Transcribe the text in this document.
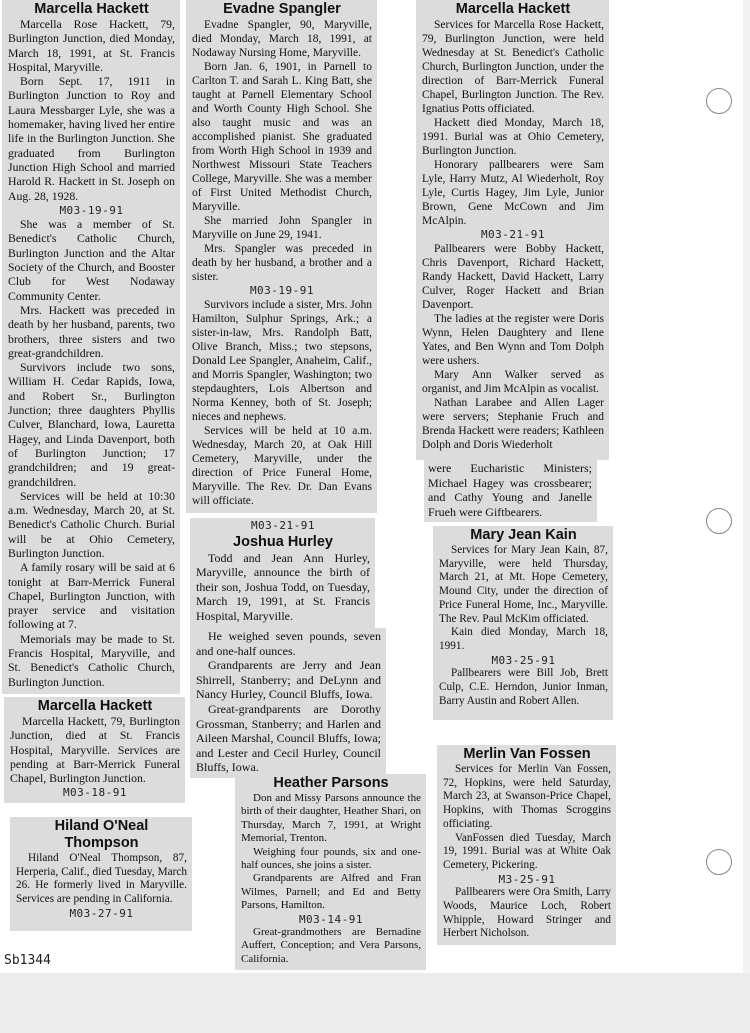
Marcella Hackett

Marcella Rose Hackett, 79, Burlington Junction, died Monday, March 18, 1991, at St. Francis Hospital, Maryville.

Born Sept. 17, 1911 in Burlington Junction to Roy and Laura Messbarger Lyle, she was a homemaker, having lived her entire life in the Burlington Junction. She graduated from Burlington Junction High School and married Harold R. Hackett in St. Joseph on Aug. 28, 1928.

M03-19-91

She was a member of St. Benedict's Catholic Church, Burlington Junction and the Altar Society of the Church, and Booster Club for West Nodaway Community Center.

Mrs. Hackett was preceded in death by her husband, parents, two brothers, three sisters and two great-grandchildren.

Survivors include two sons, William H. Cedar Rapids, Iowa, and Robert Sr., Burlington Junction; three daughters Phyllis Culver, Blanchard, Iowa, Lauretta Hagey, and Linda Davenport, both of Burlington Junction; 17 grandchildren; and 19 great-grandchildren.

Services will be held at 10:30 a.m. Wednesday, March 20, at St. Benedict's Catholic Church. Burial will be at Ohio Cemetery, Burlington Junction.

A family rosary will be said at 6 tonight at Barr-Merrick Funeral Chapel, Burlington Junction, with prayer service and visitation following at 7.

Memorials may be made to St. Francis Hospital, Maryville, and St. Benedict's Catholic Church, Burlington Junction.

Evadne Spangler

Evadne Spangler, 90, Maryville, died Monday, March 18, 1991, at Nodaway Nursing Home, Maryville.

Born Jan. 6, 1901, in Parnell to Carlton T. and Sarah L. King Batt, she taught at Parnell Elementary School and Worth County High School. She also taught music and was an accomplished pianist. She graduated from Worth High School in 1939 and Northwest Missouri State Teachers College, Maryville. She was a member of First United Methodist Church, Maryville.

She married John Spangler in Maryville on June 29, 1941.

Mrs. Spangler was preceded in death by her husband, a brother and a sister.

M03-19-91

Survivors include a sister, Mrs. John Hamilton, Sulphur Springs, Ark.; a sister-in-law, Mrs. Randolph Batt, Olive Branch, Miss.; two stepsons, Donald Lee Spangler, Anaheim, Calif., and Morris Spangler, Washington; two stepdaughters, Lois Albertson and Norma Kenney, both of St. Joseph; nieces and nephews.

Services will be held at 10 a.m. Wednesday, March 20, at Oak Hill Cemetery, Maryville, under the direction of Price Funeral Home, Maryville. The Rev. Dr. Dan Evans will officiate.

Marcella Hackett

Services for Marcella Rose Hackett, 79, Burlington Junction, were held Wednesday at St. Benedict's Catholic Church, Burlington Junction, under the direction of Barr-Merrick Funeral Chapel, Burlington Junction. The Rev. Ignatius Potts officiated.

Hackett died Monday, March 18, 1991. Burial was at Ohio Cemetery, Burlington Junction.

Honorary pallbearers were Sam Lyle, Harry Mutz, Al Wiederholt, Roy Lyle, Curtis Hagey, Jim Lyle, Junior Brown, Gene McCown and Jim McAlpin.

M03-21-91

Pallbearers were Bobby Hackett, Chris Davenport, Richard Hackett, Randy Hackett, David Hackett, Larry Culver, Roger Hackett and Brian Davenport.

The ladies at the register were Doris Wynn, Helen Daughtery and Ilene Yates, and Ben Wynn and Tom Dolph were ushers.

Mary Ann Walker served as organist, and Jim McAlpin as vocalist.

Nathan Larabee and Allen Lager were servers; Stephanie Fruch and Brenda Hackett were readers; Kathleen Dolph and Doris Wiederholt

were Eucharistic Ministers; Michael Hagey was crossbearer; and Cathy Young and Janelle Frueh were Giftbearers.

M03-21-91
Joshua Hurley

Todd and Jean Ann Hurley, Maryville, announce the birth of their son, Joshua Todd, on Tuesday, March 19, 1991, at St. Francis Hospital, Maryville.

He weighed seven pounds, seven and one-half ounces.

Grandparents are Jerry and Jean Shirrell, Stanberry; and DeLynn and Nancy Hurley, Council Bluffs, Iowa.

Great-grandparents are Dorothy Grossman, Stanberry; and Harlen and Aileen Marshal, Council Bluffs, Iowa; and Lester and Cecil Hurley, Council Bluffs, Iowa.

Mary Jean Kain

Services for Mary Jean Kain, 87, Maryville, were held Thursday, March 21, at Mt. Hope Cemetery, Mound City, under the direction of Price Funeral Home, Inc., Maryville. The Rev. Paul McKim officiated.

Kain died Monday, March 18, 1991.

M03-25-91

Pallbearers were Bill Job, Brett Culp, C.E. Herndon, Junior Inman, Barry Austin and Robert Allen.

Marcella Hackett

Marcella Hackett, 79, Burlington Junction, died at St. Francis Hospital, Maryville. Services are pending at Barr-Merrick Funeral Chapel, Burlington Junction.

M03-18-91
Merlin Van Fossen

Services for Merlin Van Fossen, 72, Hopkins, were held Saturday, March 23, at Swanson-Price Chapel, Hopkins, with Thomas Scroggins officiating.

VanFossen died Tuesday, March 19, 1991. Burial was at White Oak Cemetery, Pickering.

M3-25-91

Pallbearers were Ora Smith, Larry Woods, Maurice Loch, Robert Whipple, Howard Stringer and Herbert Nicholson.

Heather Parsons

Don and Missy Parsons announce the birth of their daughter, Heather Shari, on Thursday, March 7, 1991, at Wright Memorial, Trenton.

Weighing four pounds, six and one-half ounces, she joins a sister.

Grandparents are Alfred and Fran Wilmes, Parnell; and Ed and Betty Parsons, Hamilton.

M03-14-91

Great-grandmothers are Bernadine Auffert, Conception; and Vera Parsons, California.

Hiland O'Neal Thompson

Hiland O'Neal Thompson, 87, Herperia, Calif., died Tuesday, March 26. He formerly lived in Maryville. Services are pending in California.

M03-27-91
Sb1344
